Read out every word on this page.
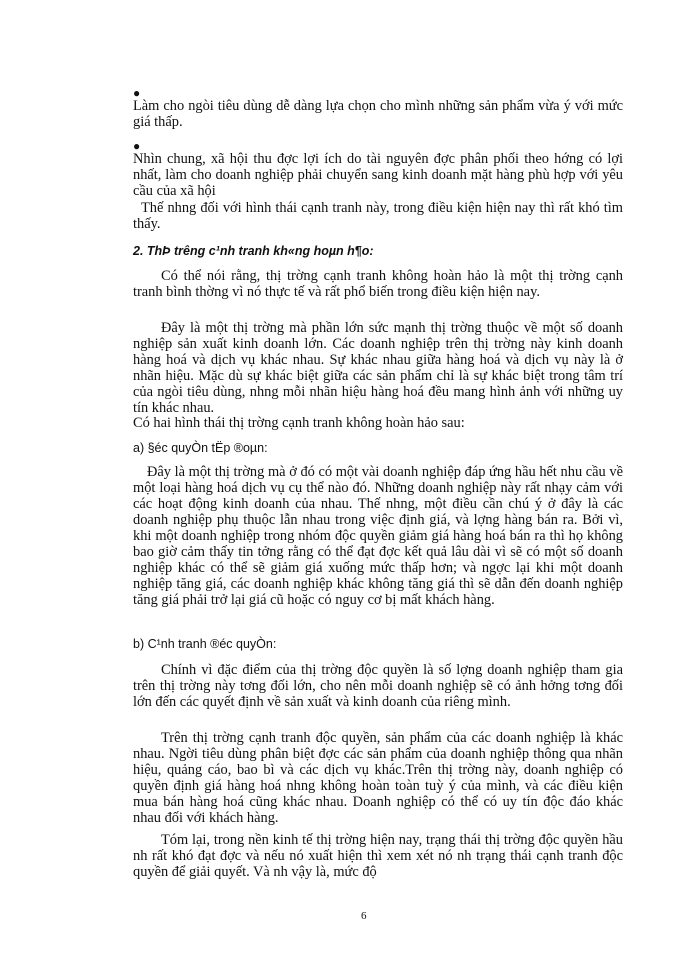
●

Làm cho ngòi tiêu dùng dễ dàng lựa chọn cho mình những sản phẩm vừa ý với mức giá thấp.

●

Nhìn chung, xã hội thu đợc lợi ích do tài nguyên đợc phân phối theo hớng có lợi nhất, làm cho doanh nghiệp phải chuyển sang kinh doanh mặt hàng phù hợp với yêu cầu của xã hội

Thế nhng đối với hình thái cạnh tranh này, trong điều kiện hiện nay thì rất khó tìm thấy.

2. ThÞ trêng c¹nh tranh kh«ng hoµn h¶o:

Có thể nói rằng, thị trờng cạnh tranh không hoàn hảo là một thị trờng cạnh tranh bình thờng vì nó thực tế và rất phổ biến trong điều kiện hiện nay.

Đây là một thị trờng mà phần lớn sức mạnh thị trờng thuộc về một số doanh nghiệp sản xuất kinh doanh lớn. Các doanh nghiệp trên thị trờng này kinh doanh hàng hoá và dịch vụ khác nhau. Sự khác nhau giữa hàng hoá và dịch vụ này là ở nhãn hiệu. Mặc dù sự khác biệt giữa các sản phẩm chỉ là sự khác biệt trong tâm trí của ngòi tiêu dùng, nhng mỗi nhãn hiệu hàng hoá đều mang hình ảnh với những uy tín khác nhau.

Có hai hình thái thị trờng cạnh tranh không hoàn hảo sau:

a) §éc quyÒn tËp ®oµn:

Đây là một thị trờng mà ở đó có một vài doanh nghiệp đáp ứng hầu hết nhu cầu về một loại hàng hoá dịch vụ cụ thể nào đó. Những doanh nghiệp này rất nhạy cảm với các hoạt động kinh doanh của nhau. Thế nhng, một điều cần chú ý ở đây là các doanh nghiệp phụ thuộc lẫn nhau trong việc định giá, và lợng hàng bán ra. Bởi vì, khi một doanh nghiệp trong nhóm độc quyền giảm giá hàng hoá bán ra thì họ không bao giờ cảm thấy tin tởng rằng có thể đạt đợc kết quả lâu dài vì sẽ có một số doanh nghiệp khác có thể sẽ giảm giá xuống mức thấp hơn; và ngợc lại khi một doanh nghiệp tăng giá, các doanh nghiệp khác không tăng giá thì sẽ dẫn đến doanh nghiệp tăng giá phải trở lại giá cũ hoặc có nguy cơ bị mất khách hàng.

b) C¹nh tranh ®éc quyÒn:

Chính vì đặc điểm của thị trờng độc quyền là số lợng doanh nghiệp tham gia trên thị trờng này tơng đối lớn, cho nên mỗi doanh nghiệp sẽ có ảnh hởng tơng đối lớn đến các quyết định về sản xuất và kinh doanh của riêng mình.

Trên thị trờng cạnh tranh độc quyền, sản phẩm của các doanh nghiệp là khác nhau. Ngời tiêu dùng phân biệt đợc các sản phẩm của doanh nghiệp thông qua nhãn hiệu, quảng cáo, bao bì và các dịch vụ khác.Trên thị trờng này, doanh nghiệp có quyền định giá hàng hoá nhng không hoàn toàn tuỳ ý của mình, và các điều kiện mua bán hàng hoá cũng khác nhau. Doanh nghiệp có thể có uy tín độc đáo khác nhau đối với khách hàng.

Tóm lại, trong nền kinh tế thị trờng hiện nay, trạng thái thị trờng độc quyền hầu nh rất khó đạt đợc và nếu nó xuất hiện thì xem xét nó nh trạng thái cạnh tranh độc quyền để giải quyết. Và nh vậy là, mức độ

6
